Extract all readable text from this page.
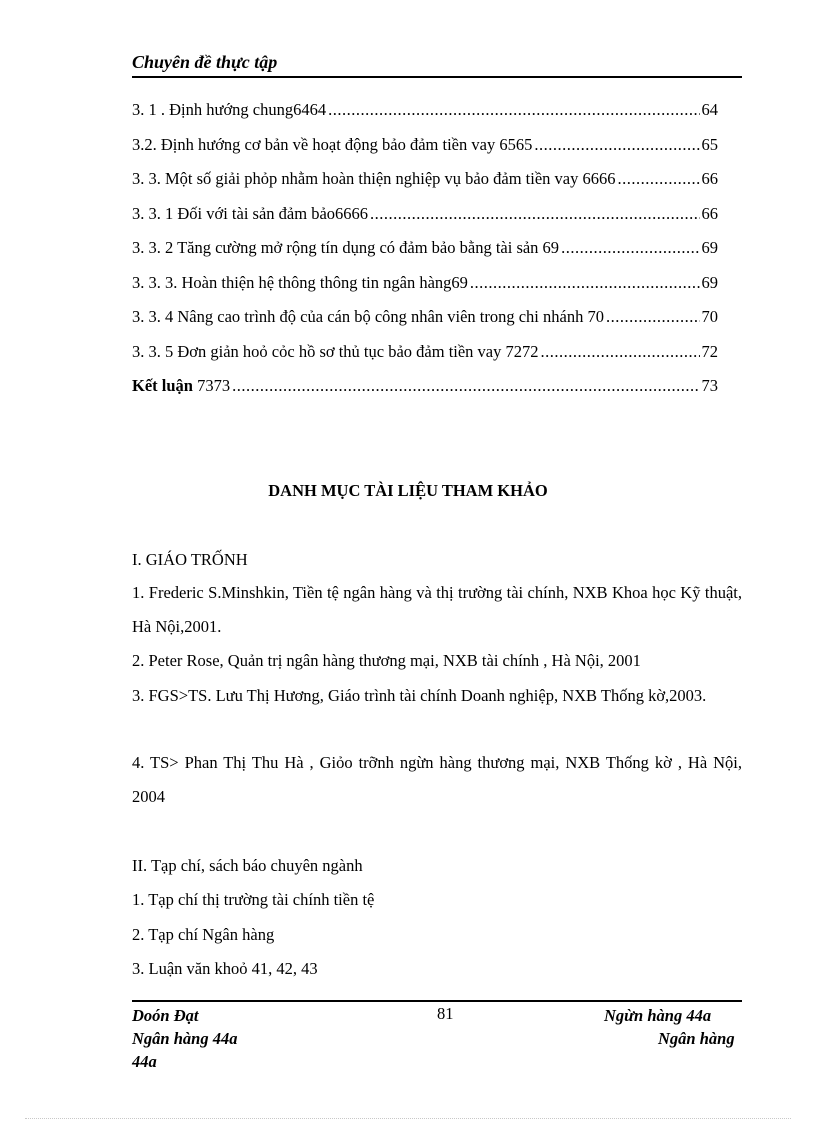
Chuyên đề thực tập
3. 1 . Định hướng chung6464 .....	64
3.2. Định hướng cơ bản về hoạt động bảo đảm tiền vay 6565 .....	65
3. 3. Một số giải phỏp nhằm hoàn thiện nghiệp vụ bảo đảm tiền vay 6666 .....	66
3. 3. 1 Đối với tài sản đảm bảo6666 .....	66
3. 3. 2 Tăng cường mở rộng tín dụng có đảm bảo bằng tài sản 69 .....	69
3. 3. 3. Hoàn thiện hệ thông thông tin ngân hàng69 .....	69
3. 3. 4 Nâng cao trình độ của cán bộ công nhân viên trong chi nhánh 70 .....	70
3. 3. 5 Đơn giản hoỏ cỏc hồ sơ thủ tục bảo đảm tiền vay 7272 .....	72
Kết luận 7373 .....	73
DANH MỤC TÀI LIỆU THAM KHẢO
I. GIÁO TRỐNH
1. Frederic S.Minshkin, Tiền tệ ngân hàng và thị trường tài chính, NXB Khoa học Kỹ thuật, Hà Nội,2001.
2. Peter Rose, Quản trị ngân hàng thương mại, NXB tài chính , Hà Nội, 2001
3. FGS>TS. Lưu Thị Hương, Giáo trình tài chính Doanh nghiệp, NXB Thống kờ,2003.
4. TS> Phan Thị Thu Hà , Giỏo trỡnh ngừn hàng thương mại, NXB Thống kờ , Hà Nội, 2004
II. Tạp chí, sách báo chuyên ngành
1. Tạp chí thị trường tài chính tiền tệ
2. Tạp chí Ngân hàng
3. Luận văn khoỏ 41, 42, 43
Doón Đạt	81	Ngừn hàng 44a
Ngân hàng 44a	Ngân hàng
44a
